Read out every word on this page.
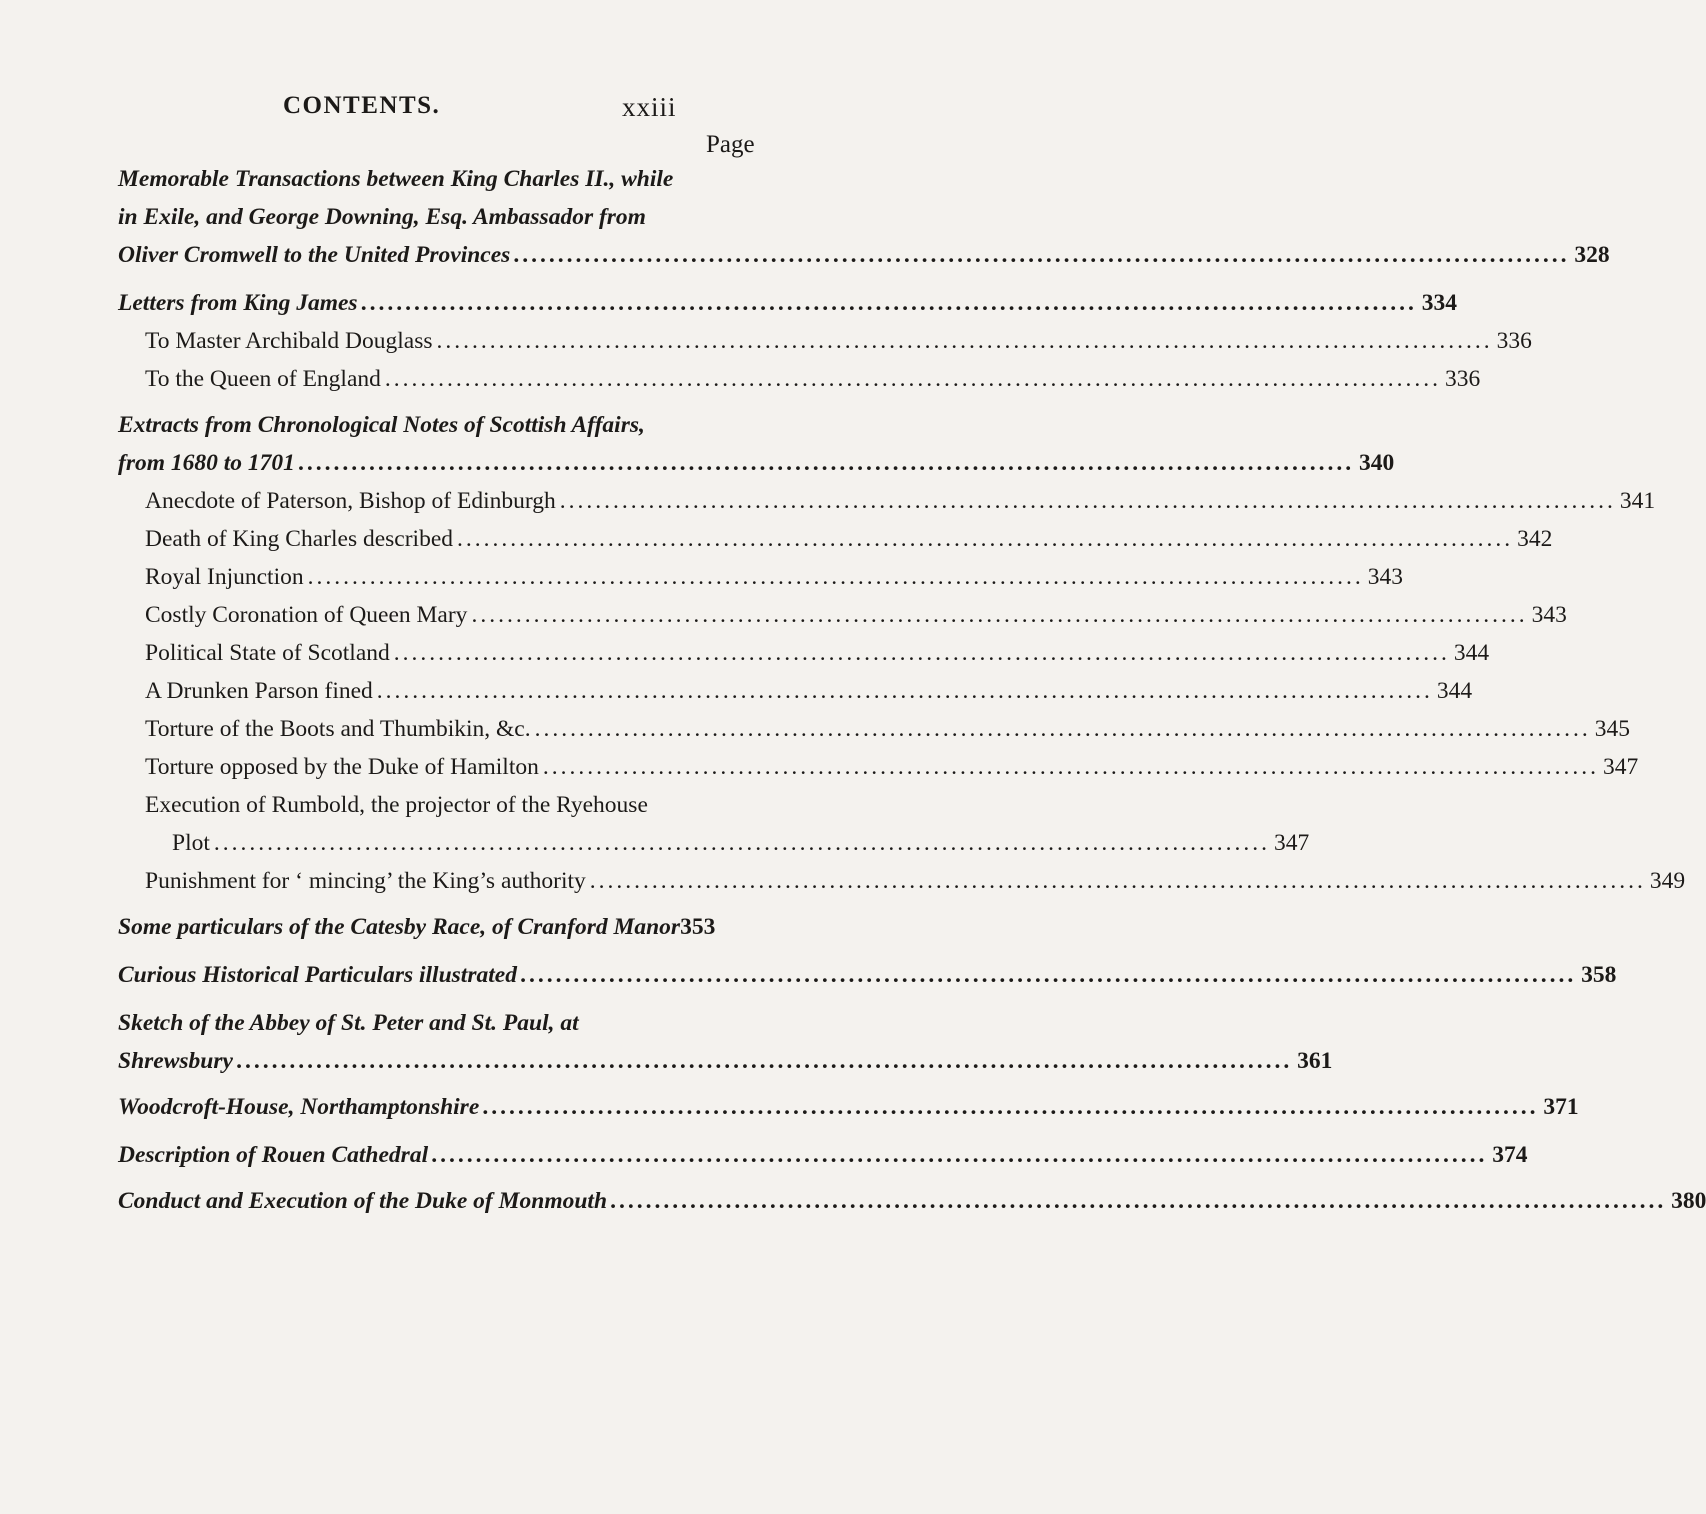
CONTENTS.	xxiii
Page
Memorable Transactions between King Charles II., while
in Exile, and George Downing, Esq. Ambassador from
Oliver Cromwell to the United Provinces .....	328
Letters from King James .....	334
To Master Archibald Douglass .....	336
To the Queen of England .....	336
Extracts from Chronological Notes of Scottish Affairs,
from 1680 to 1701 .....	340
Anecdote of Paterson, Bishop of Edinburgh .....	341
Death of King Charles described .....	342
Royal Injunction .....	343
Costly Coronation of Queen Mary .....	343
Political State of Scotland .....	344
A Drunken Parson fined .....	344
Torture of the Boots and Thumbikin, &c. .....	345
Torture opposed by the Duke of Hamilton .....	347
Execution of Rumbold, the projector of the Ryehouse
Plot .....	347
Punishment for ‘ mincing’ the King’s authority .....	349
Some particulars of the Catesby Race, of Cranford Manor 353
Curious Historical Particulars illustrated .....	358
Sketch of the Abbey of St. Peter and St. Paul, at
Shrewsbury .....	361
Woodcroft-House, Northamptonshire .....	371
Description of Rouen Cathedral .....	374
Conduct and Execution of the Duke of Monmouth .....	380
